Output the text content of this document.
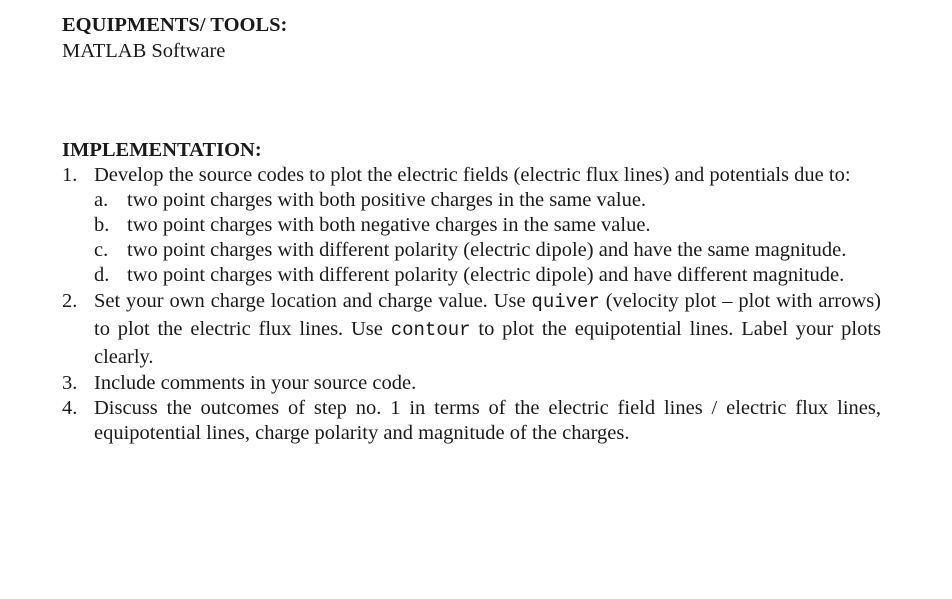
EQUIPMENTS/ TOOLS:
MATLAB Software
IMPLEMENTATION:
1. Develop the source codes to plot the electric fields (electric flux lines) and potentials due to:
a. two point charges with both positive charges in the same value.
b. two point charges with both negative charges in the same value.
c. two point charges with different polarity (electric dipole) and have the same magnitude.
d. two point charges with different polarity (electric dipole) and have different magnitude.
2. Set your own charge location and charge value. Use quiver (velocity plot – plot with arrows) to plot the electric flux lines. Use contour to plot the equipotential lines. Label your plots clearly.
3. Include comments in your source code.
4. Discuss the outcomes of step no. 1 in terms of the electric field lines / electric flux lines, equipotential lines, charge polarity and magnitude of the charges.
